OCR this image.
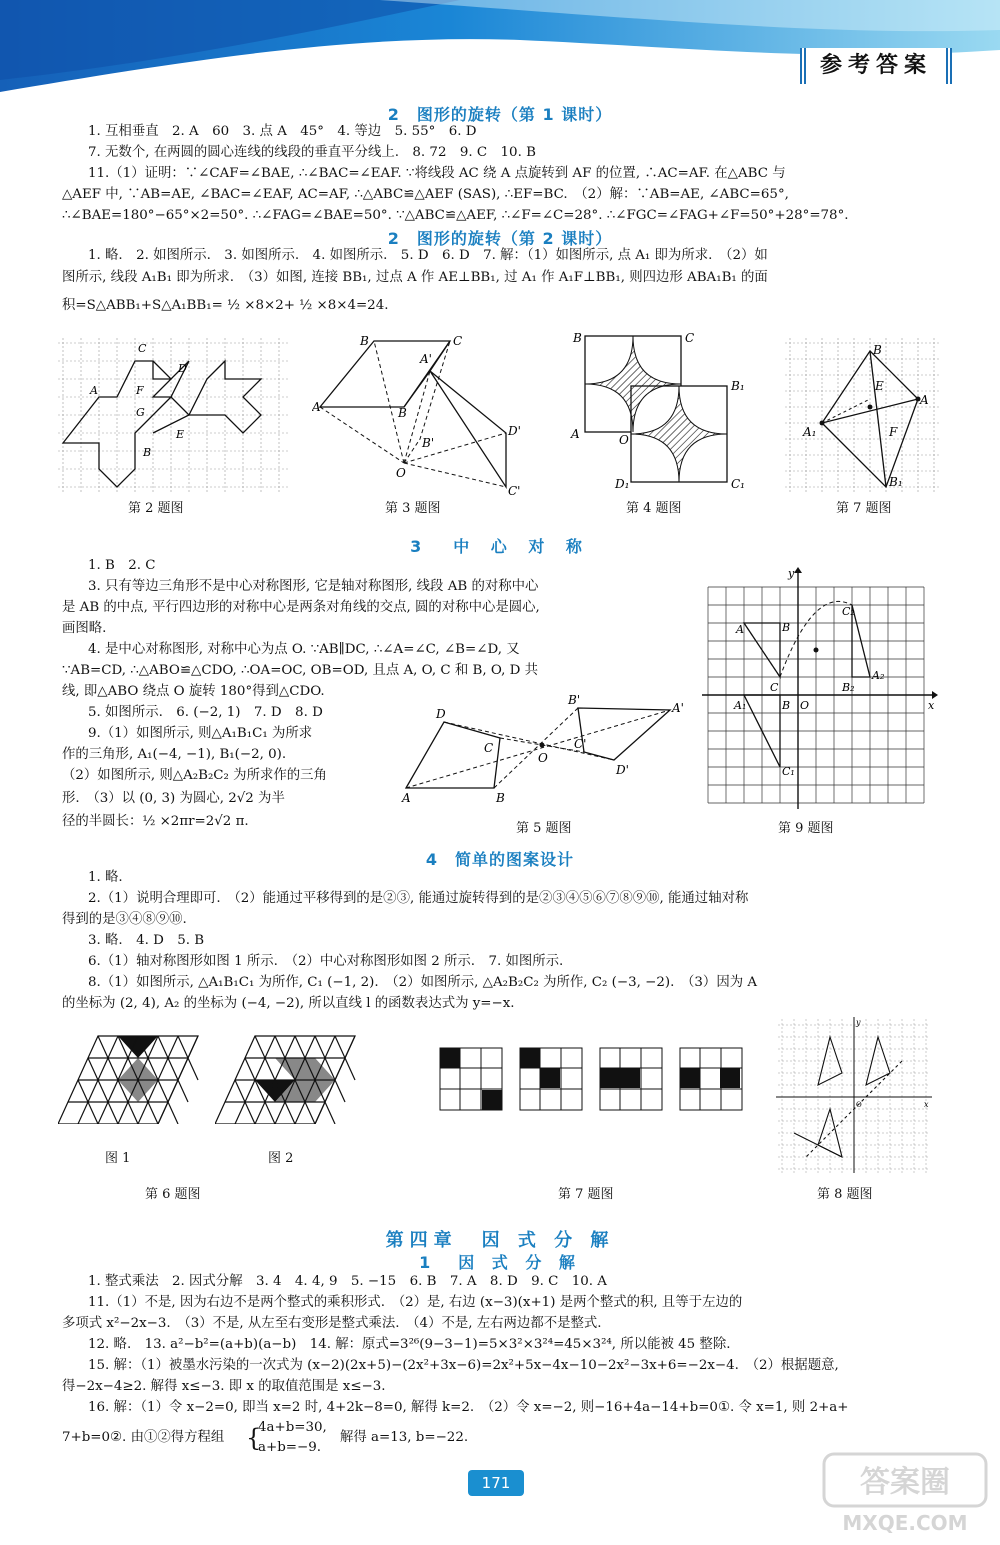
参考答案
2　图形的旋转（第 1 课时）
1. 互相垂直　2. A　60　3. 点 A　45°　4. 等边　5. 55°　6. D
7. 无数个, 在两圆的圆心连线的线段的垂直平分线上.　8. 72　9. C　10. B
11.（1）证明：∵∠CAF=∠BAE, ∴∠BAC=∠EAF. ∵将线段 AC 绕 A 点旋转到 AF 的位置, ∴AC=AF. 在△ABC 与
△AEF 中, ∵AB=AE, ∠BAC=∠EAF, AC=AF, ∴△ABC≌△AEF (SAS), ∴EF=BC.　（2）解：∵AB=AE, ∠ABC=65°,
∴∠BAE=180°−65°×2=50°. ∴∠FAG=∠BAE=50°. ∵△ABC≌△AEF, ∴∠F=∠C=28°. ∴∠FGC=∠FAG+∠F=50°+28°=78°.
2　图形的旋转（第 2 课时）
1. 略.　2. 如图所示.　3. 如图所示.　4. 如图所示.　5. D　6. D　7. 解：（1）如图所示, 点 A₁ 即为所求.　（2）如
图所示, 线段 A₁B₁ 即为所求.　（3）如图, 连接 BB₁, 过点 A 作 AE⊥BB₁, 过 A₁ 作 A₁F⊥BB₁, 则四边形 ABA₁B₁ 的面
积=S△ABB₁+S△A₁BB₁= ½ ×8×2+ ½ ×8×4=24.
C
D
A	F
G
E
B
第 2 题图
A
B	C
A'
B
B'
O
D'
C'
第 3 题图
B	C
B₁
A	O
D₁	C₁
第 4 题图
B
E
A
A₁	F
B₁
第 7 题图
3　中 心 对 称
1. B　2. C
3. 只有等边三角形不是中心对称图形, 它是轴对称图形, 线段 AB 的对称中心
是 AB 的中点, 平行四边形的对称中心是两条对角线的交点, 圆的对称中心是圆心,
画图略.
4. 是中心对称图形, 对称中心为点 O. ∵AB∥DC, ∴∠A=∠C, ∠B=∠D, 又
∵AB=CD, ∴△ABO≌△CDO, ∴OA=OC, OB=OD, 且点 A, O, C 和 B, O, D 共
线, 即△ABO 绕点 O 旋转 180°得到△CDO.
5. 如图所示.　6. (−2, 1)　7. D　8. D
9.（1）如图所示, 则△A₁B₁C₁ 为所求
作的三角形, A₁(−4, −1), B₁(−2, 0).
（2）如图所示, 则△A₂B₂C₂ 为所求作的三角
形.　（3）以 (0, 3) 为圆心, 2√2 为半
径的半圆长：½ ×2πr=2√2 π.
D
C
A	B
O
B'
A'
C'
D'
第 5 题图
y
x
A	B
C
C₂
A₂
B₂
A₁	B O
C₁
第 9 题图
4　简单的图案设计
1. 略.
2.（1）说明合理即可.　（2）能通过平移得到的是②③, 能通过旋转得到的是②③④⑤⑥⑦⑧⑨⑩, 能通过轴对称
得到的是③④⑧⑨⑩.
3. 略.　4. D　5. B
6.（1）轴对称图形如图 1 所示.　（2）中心对称图形如图 2 所示.　7. 如图所示.
8.（1）如图所示, △A₁B₁C₁ 为所作, C₁ (−1, 2).　（2）如图所示, △A₂B₂C₂ 为所作, C₂ (−3, −2).　（3）因为 A
的坐标为 (2, 4), A₂ 的坐标为 (−4, −2), 所以直线 l 的函数表达式为 y=−x.
图 1	图 2
第 6 题图	第 7 题图
y
x
O
第 8 题图
第四章　因 式 分 解
1　因 式 分 解
1. 整式乘法　2. 因式分解　3. 4　4. 4, 9　5. −15　6. B　7. A　8. D　9. C　10. A
11.（1）不是, 因为右边不是两个整式的乘积形式.　（2）是, 右边 (x−3)(x+1) 是两个整式的积, 且等于左边的
多项式 x²−2x−3.　（3）不是, 从左至右变形是整式乘法.　（4）不是, 左右两边都不是整式.
12. 略.　13. a²−b²=(a+b)(a−b)　14. 解：原式=3²⁶(9−3−1)=5×3²×3²⁴=45×3²⁴, 所以能被 45 整除.
15. 解：（1）被墨水污染的一次式为 (x−2)(2x+5)−(2x²+3x−6)=2x²+5x−4x−10−2x²−3x+6=−2x−4.　（2）根据题意,
得−2x−4≥2. 解得 x≤−3. 即 x 的取值范围是 x≤−3.
16. 解：（1）令 x−2=0, 即当 x=2 时, 4+2k−8=0, 解得 k=2.　（2）令 x=−2, 则−16+4a−14+b=0①. 令 x=1, 则 2+a+
7+b=0②. 由①②得方程组 {
4a+b=30,
a+b=−9.
解得 a=13, b=−22.
171	答案圈
MXQE.COM
